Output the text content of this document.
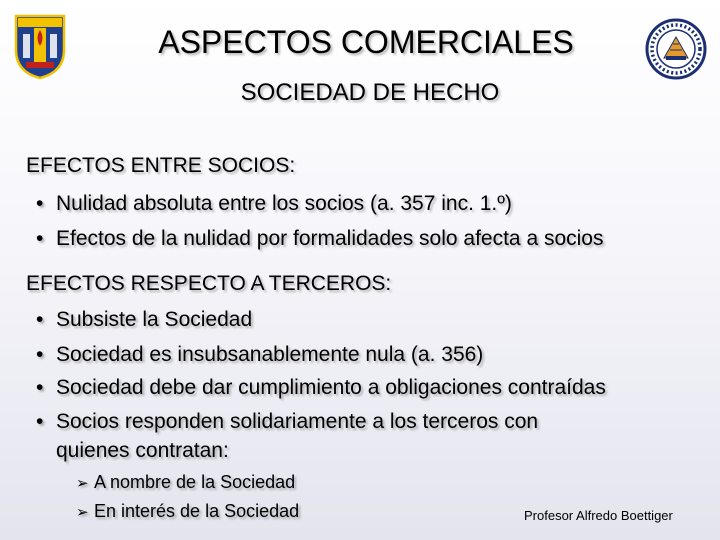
ASPECTOS COMERCIALES
SOCIEDAD DE HECHO
EFECTOS ENTRE SOCIOS:
• Nulidad absoluta entre los socios (a. 357 inc. 1.º)
• Efectos de la nulidad por formalidades solo afecta a socios
EFECTOS RESPECTO A TERCEROS:
• Subsiste la Sociedad
• Sociedad es insubsanablemente nula (a. 356)
• Sociedad debe dar cumplimiento a obligaciones contraídas
• Socios responden solidariamente a los terceros con
quienes contratan:
➢ A nombre de la Sociedad
➢ En interés de la Sociedad	Profesor Alfredo Boettiger
